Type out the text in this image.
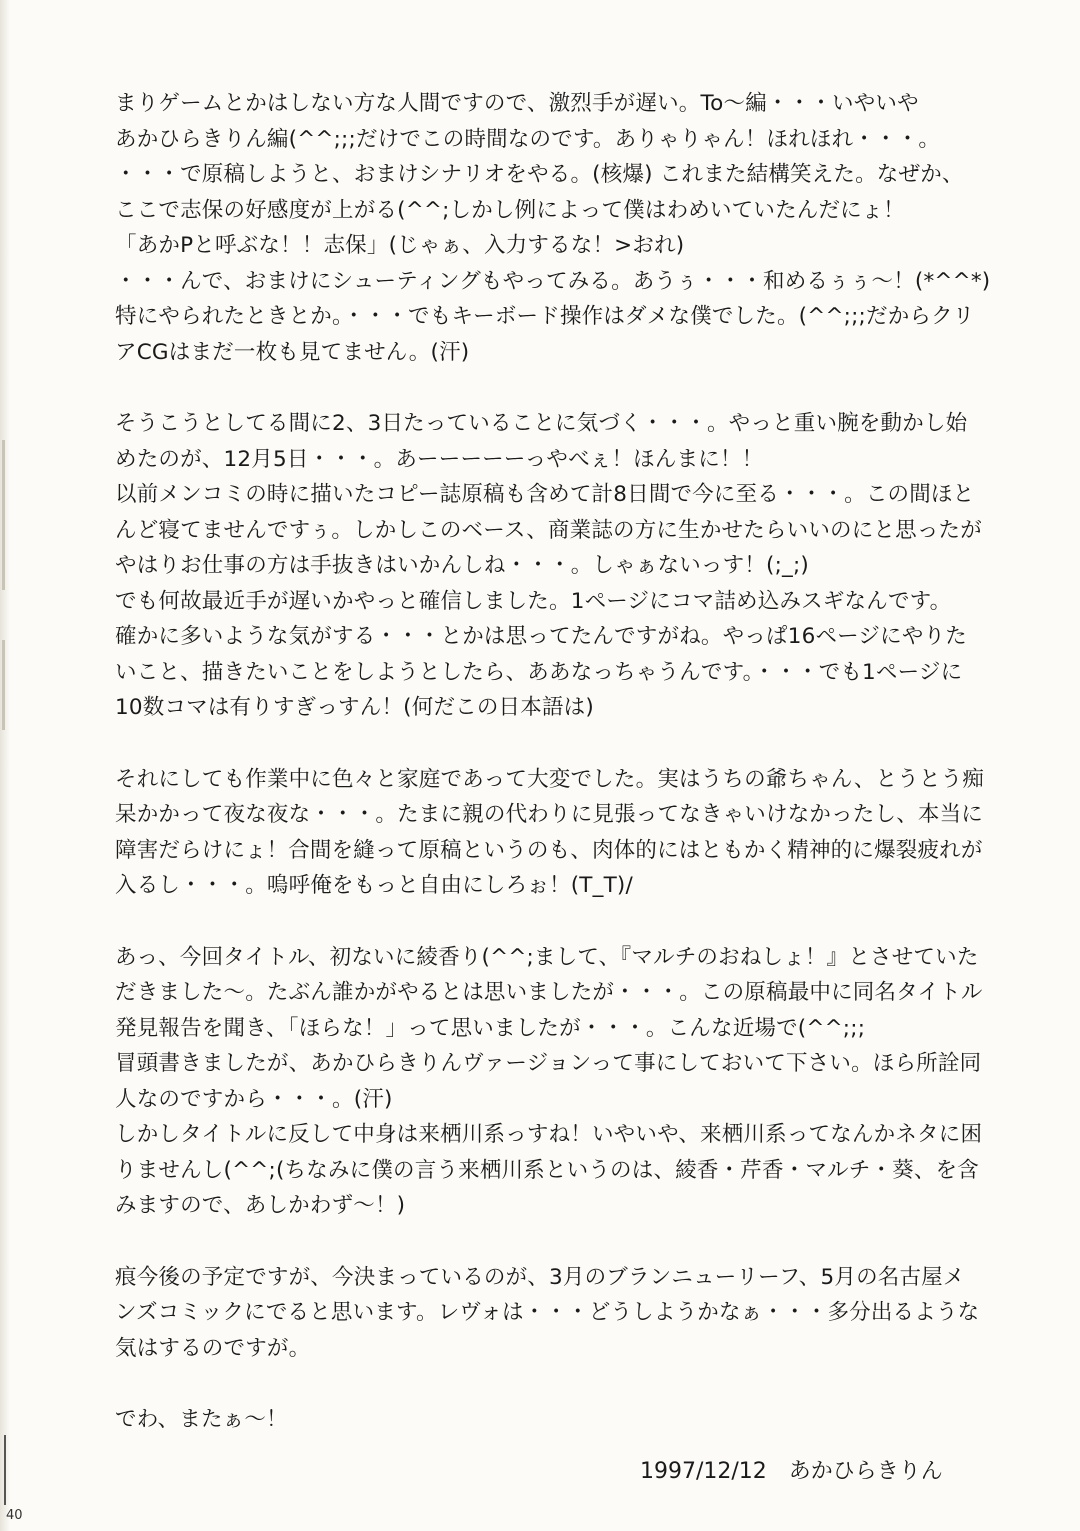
まりゲームとかはしない方な人間ですので、激烈手が遅い。To～編・・・いやいや
あかひらきりん編(^^;;;だけでこの時間なのです。ありゃりゃん！ほれほれ・・・。
・・・で原稿しようと、おまけシナリオをやる。(核爆) これまた結構笑えた。なぜか、
ここで志保の好感度が上がる(^^;しかし例によって僕はわめいていたんだにょ！
「あかPと呼ぶな！！志保」(じゃぁ、入力するな！>おれ)
・・・んで、おまけにシューティングもやってみる。あうぅ・・・和めるぅぅ～！(*^^*)
特にやられたときとか。・・・でもキーボード操作はダメな僕でした。(^^;;;だからクリ
アCGはまだ一枚も見てません。(汗)
そうこうとしてる間に2、3日たっていることに気づく・・・。やっと重い腕を動かし始
めたのが、12月5日・・・。あーーーーーっやべぇ！ほんまに！！
以前メンコミの時に描いたコピー誌原稿も含めて計8日間で今に至る・・・。この間ほと
んど寝てませんですぅ。しかしこのベース、商業誌の方に生かせたらいいのにと思ったが
やはりお仕事の方は手抜きはいかんしね・・・。しゃぁないっす！(;_;)
でも何故最近手が遅いかやっと確信しました。1ページにコマ詰め込みスギなんです。
確かに多いような気がする・・・とかは思ってたんですがね。やっぱ16ページにやりた
いこと、描きたいことをしようとしたら、ああなっちゃうんです。・・・でも1ページに
10数コマは有りすぎっすん！(何だこの日本語は)
それにしても作業中に色々と家庭であって大変でした。実はうちの爺ちゃん、とうとう痴
呆かかって夜な夜な・・・。たまに親の代わりに見張ってなきゃいけなかったし、本当に
障害だらけにょ！合間を縫って原稿というのも、肉体的にはともかく精神的に爆裂疲れが
入るし・・・。嗚呼俺をもっと自由にしろぉ！(T_T)/
あっ、今回タイトル、初ないに綾香り(^^;まして、『マルチのおねしょ！』とさせていた
だきました～。たぶん誰かがやるとは思いましたが・・・。この原稿最中に同名タイトル
発見報告を聞き、「ほらな！」って思いましたが・・・。こんな近場で(^^;;;
冒頭書きましたが、あかひらきりんヴァージョンって事にしておいて下さい。ほら所詮同
人なのですから・・・。(汗)
しかしタイトルに反して中身は来栖川系っすね！いやいや、来栖川系ってなんかネタに困
りませんし(^^;(ちなみに僕の言う来栖川系というのは、綾香・芹香・マルチ・葵、を含
みますので、あしかわず～！)
痕今後の予定ですが、今決まっているのが、3月のブランニューリーフ、5月の名古屋メ
ンズコミックにでると思います。レヴォは・・・どうしようかなぁ・・・多分出るような
気はするのですが。
でわ、またぁ～！
1997/12/12　あかひらきりん
40
